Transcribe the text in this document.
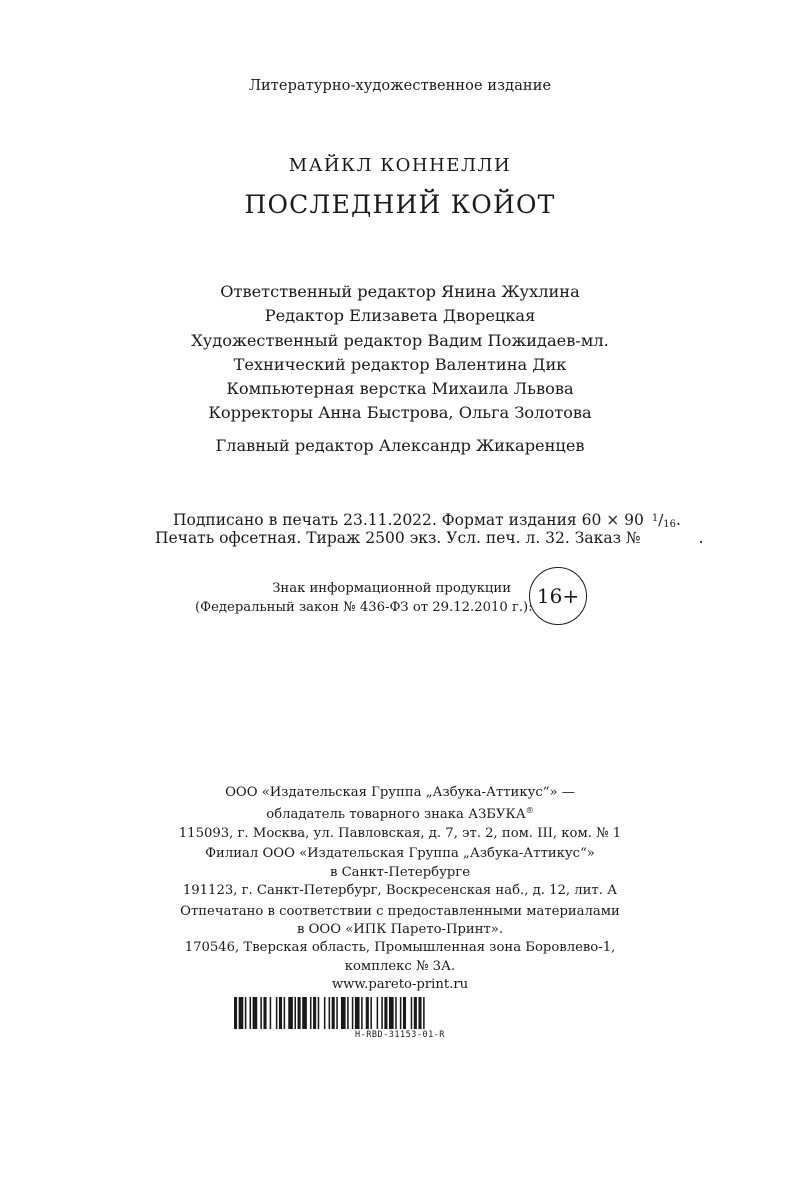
Литературно-художественное издание
МАЙКЛ КОННЕЛЛИ
ПОСЛЕДНИЙ КОЙОТ
Ответственный редактор Янина Жухлина
Редактор Елизавета Дворецкая
Художественный редактор Вадим Пожидаев-мл.
Технический редактор Валентина Дик
Компьютерная верстка Михаила Львова
Корректоры Анна Быстрова, Ольга Золотова
Главный редактор Александр Жикаренцев
Подписано в печать 23.11.2022. Формат издания 60 × 90 $^1/_{16}$.
Печать офсетная. Тираж 2500 экз. Усл. печ. л. 32. Заказ №	.
Знак информационной продукции
(Федеральный закон № 436-ФЗ от 29.12.2010 г.): 16+
ООО «Издательская Группа „Азбука-Аттикус“» —
обладатель товарного знака АЗБУКА®
115093, г. Москва, ул. Павловская, д. 7, эт. 2, пом. III, ком. № 1
Филиал ООО «Издательская Группа „Азбука-Аттикус“»
в Санкт-Петербурге
191123, г. Санкт-Петербург, Воскресенская наб., д. 12, лит. А
Отпечатано в соответствии с предоставленными материалами
в ООО «ИПК Парето-Принт».
170546, Тверская область, Промышленная зона Боровлево-1,
комплекс № 3А.
www.pareto-print.ru
H-RBD-31153-01-R
